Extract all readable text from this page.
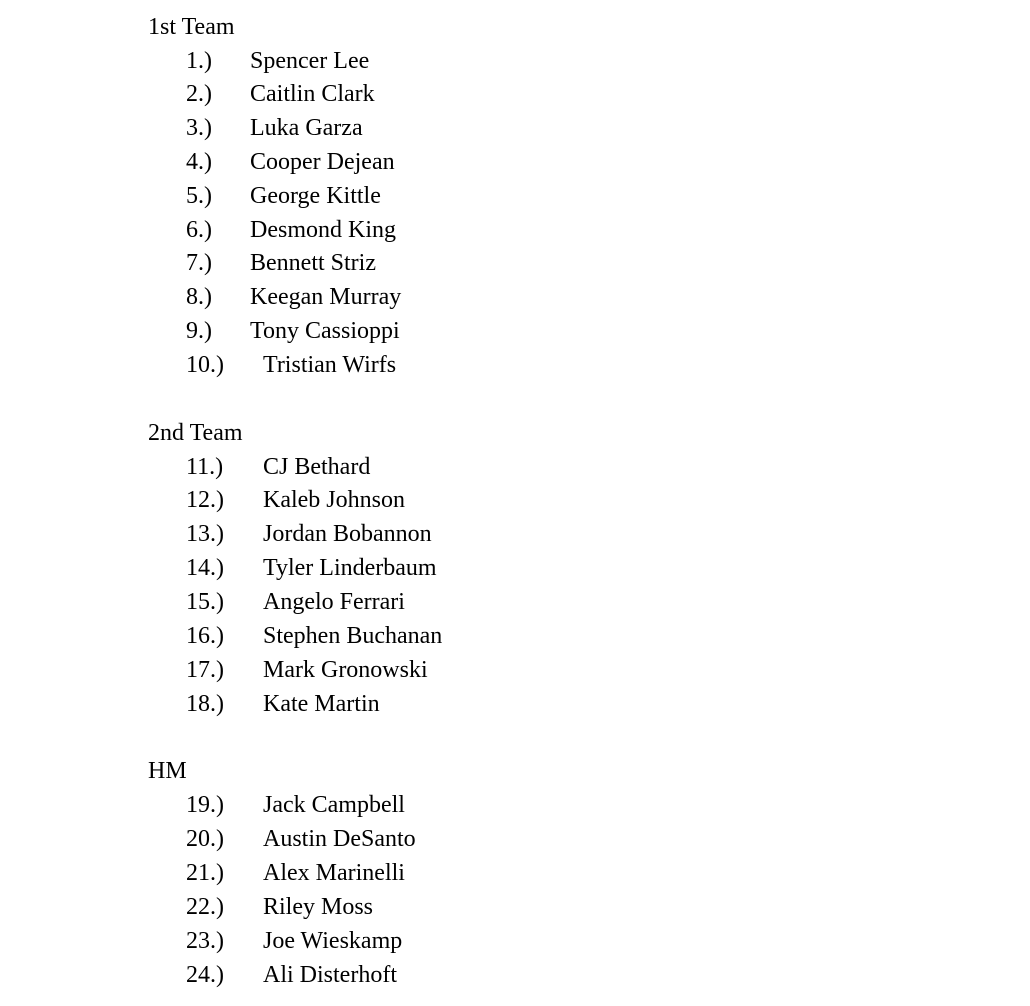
1st Team
1.) Spencer Lee
2.) Caitlin Clark
3.) Luka Garza
4.) Cooper Dejean
5.) George Kittle
6.) Desmond King
7.) Bennett Striz
8.) Keegan Murray
9.) Tony Cassioppi
10.) Tristian Wirfs
2nd Team
11.) CJ Bethard
12.) Kaleb Johnson
13.) Jordan Bobannon
14.) Tyler Linderbaum
15.) Angelo Ferrari
16.) Stephen Buchanan
17.) Mark Gronowski
18.) Kate Martin
HM
19.) Jack Campbell
20.) Austin DeSanto
21.) Alex Marinelli
22.) Riley Moss
23.) Joe Wieskamp
24.) Ali Disterhoft
